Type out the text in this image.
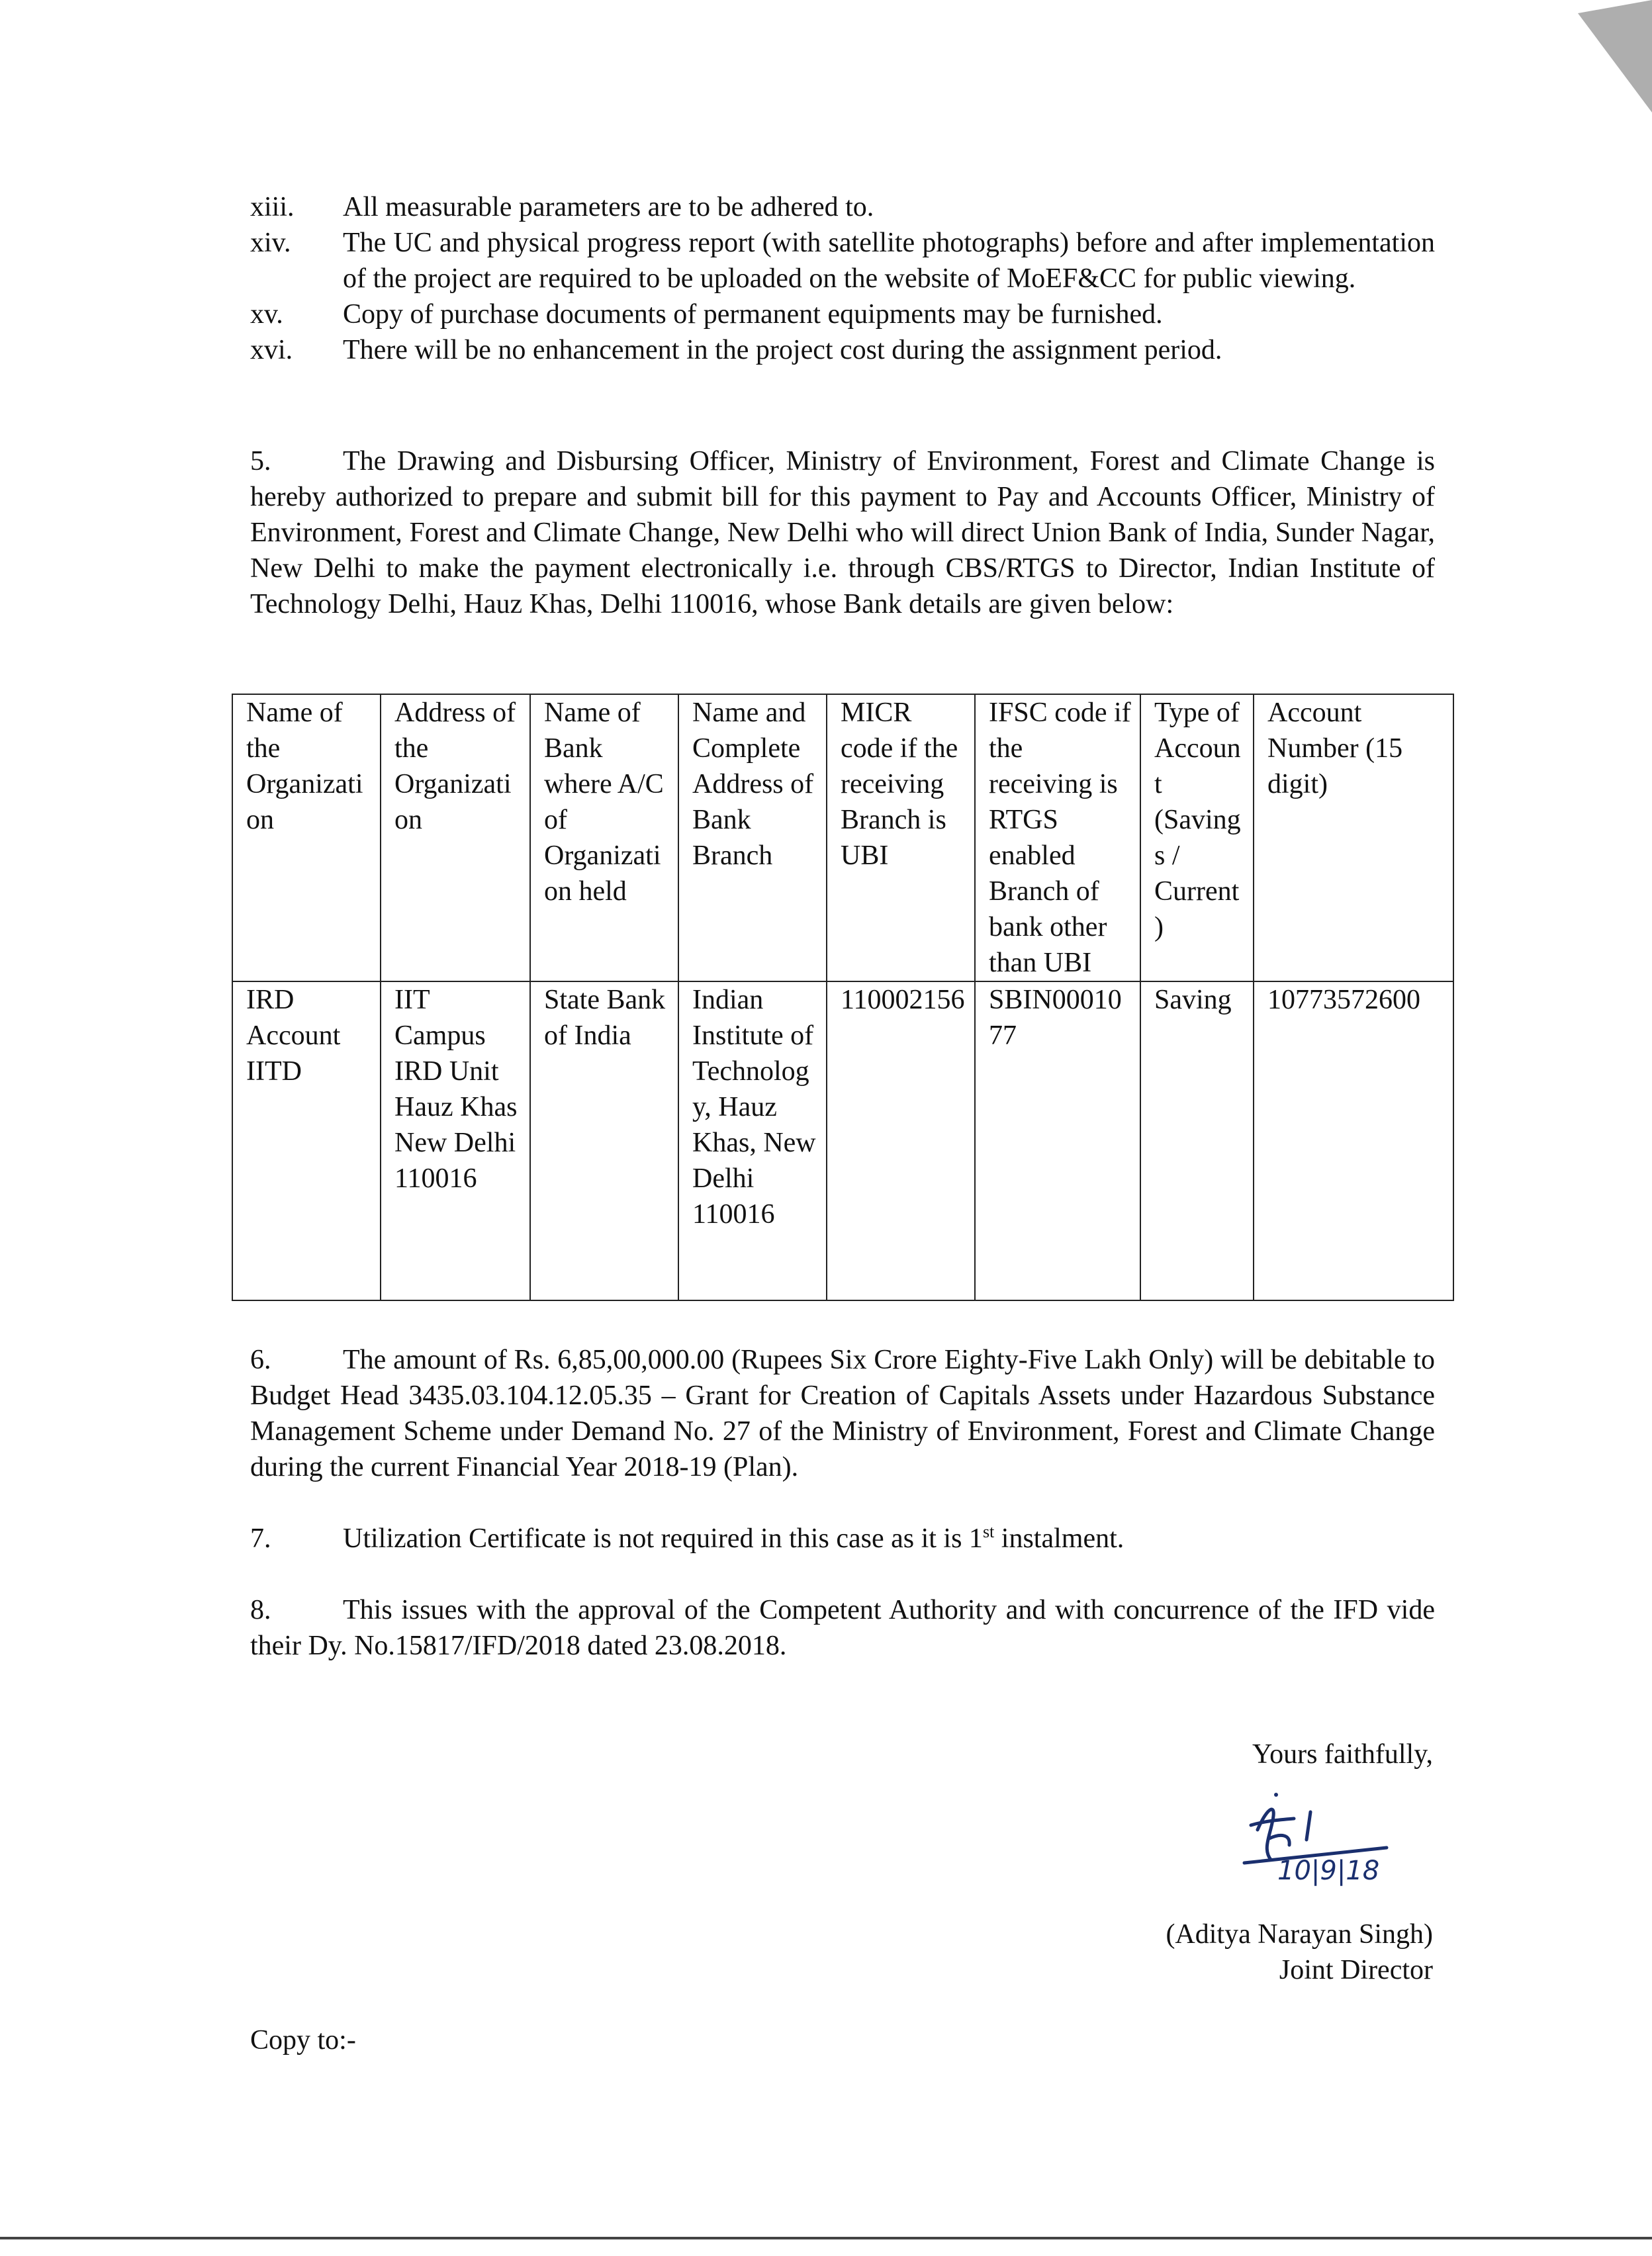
xiii. All measurable parameters are to be adhered to.
xiv. The UC and physical progress report (with satellite photographs) before and after implementation of the project are required to be uploaded on the website of MoEF&CC for public viewing.
xv. Copy of purchase documents of permanent equipments may be furnished.
xvi. There will be no enhancement in the project cost during the assignment period.
5.	The Drawing and Disbursing Officer, Ministry of Environment, Forest and Climate Change is hereby authorized to prepare and submit bill for this payment to Pay and Accounts Officer, Ministry of Environment, Forest and Climate Change, New Delhi who will direct Union Bank of India, Sunder Nagar, New Delhi to make the payment electronically i.e. through CBS/RTGS to Director, Indian Institute of Technology Delhi, Hauz Khas, Delhi 110016, whose Bank details are given below:
Name of the Organization	Address of the Organization	Name of Bank where A/C of Organization held	Name and Complete Address of Bank Branch	MICR code if the receiving Branch is UBI	IFSC code if the receiving is RTGS enabled Branch of bank other than UBI	Type of Account (Savings / Current)	Account Number (15 digit)
IRD Account IITD	IIT Campus IRD Unit Hauz Khas New Delhi 110016	State Bank of India	Indian Institute of Technology, Hauz Khas, New Delhi 110016	110002156	SBIN0001077	Saving	10773572600
6.	The amount of Rs. 6,85,00,000.00 (Rupees Six Crore Eighty-Five Lakh Only) will be debitable to Budget Head 3435.03.104.12.05.35 – Grant for Creation of Capitals Assets under Hazardous Substance Management Scheme under Demand No. 27 of the Ministry of Environment, Forest and Climate Change during the current Financial Year 2018-19 (Plan).
7.	Utilization Certificate is not required in this case as it is 1st instalment.
8.	This issues with the approval of the Competent Authority and with concurrence of the IFD vide their Dy. No.15817/IFD/2018 dated 23.08.2018.
Yours faithfully,
10|9|18
(Aditya Narayan Singh)
Joint Director
Copy to:-
